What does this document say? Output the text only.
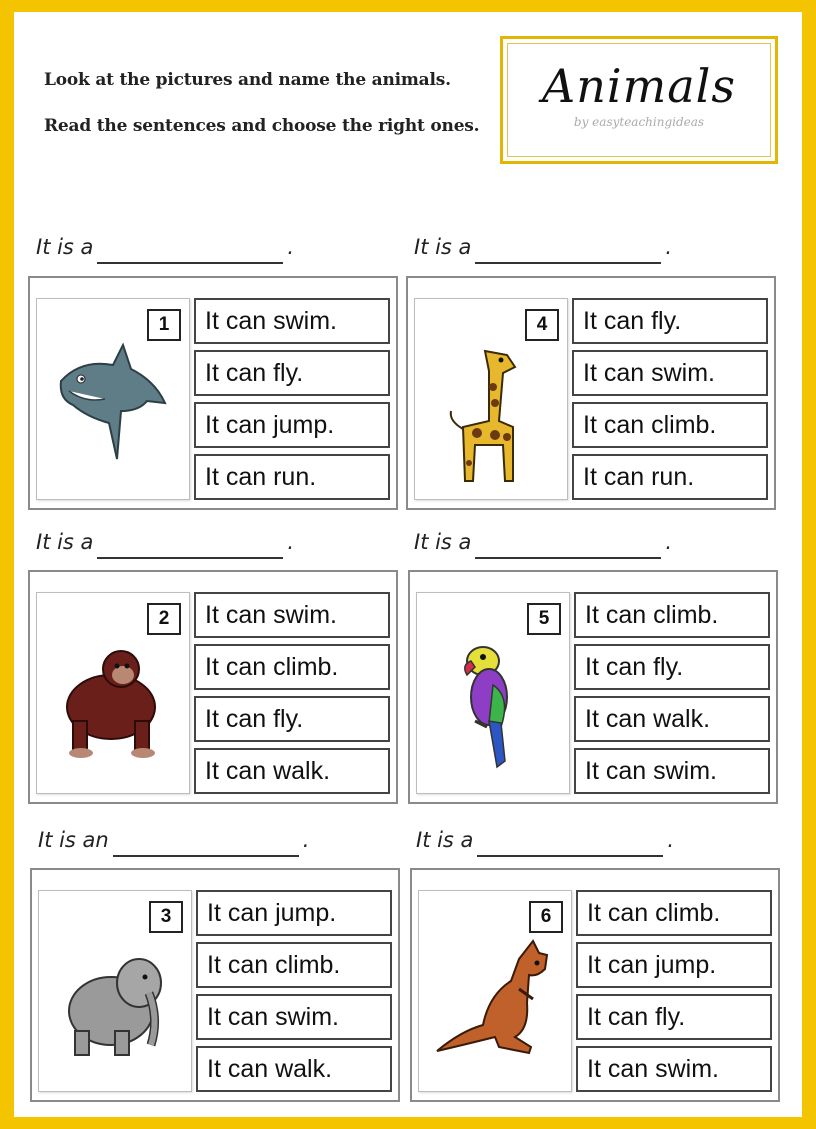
Look at the pictures and name the animals.
Read the sentences and choose the right ones.
Animals
by easyteachingideas
It is a	.
It is a	.
It is an	.
It is a	.
It is a	.
It is a	.
1	It can swim.
It can fly.
It can jump.
It can run.
2	It can swim.
It can climb.
It can fly.
It can walk.
3	It can jump.
It can climb.
It can swim.
It can walk.
4	It can fly.
It can swim.
It can climb.
It can run.
5	It can climb.
It can fly.
It can walk.
It can swim.
6	It can climb.
It can jump.
It can fly.
It can swim.
